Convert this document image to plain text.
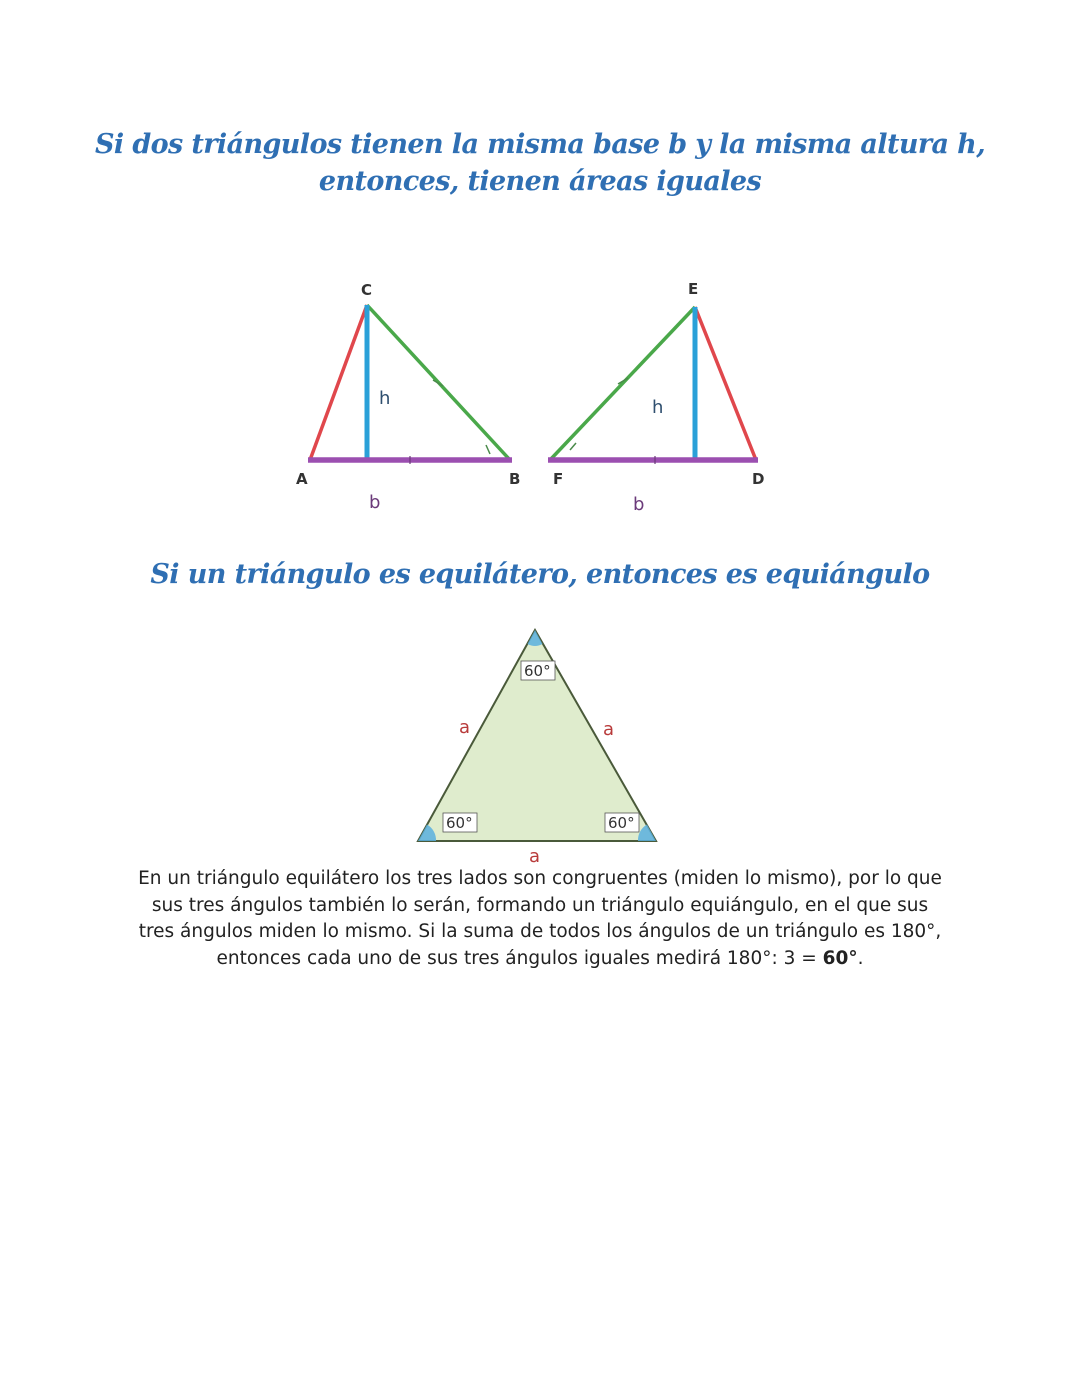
Si dos triángulos tienen la misma base b y la misma altura h,
entonces, tienen áreas iguales
A	B
C
h
b
F	D
E
h
b
Si un triángulo es equilátero, entonces es equiángulo
60°
60°	60°
a	a
a

En un triángulo equilátero los tres lados son congruentes (miden lo mismo), por lo que
sus tres ángulos también lo serán, formando un triángulo equiángulo, en el que sus
tres ángulos miden lo mismo. Si la suma de todos los ángulos de un triángulo es 180°,
entonces cada uno de sus tres ángulos iguales medirá 180°: 3 = 60°.
